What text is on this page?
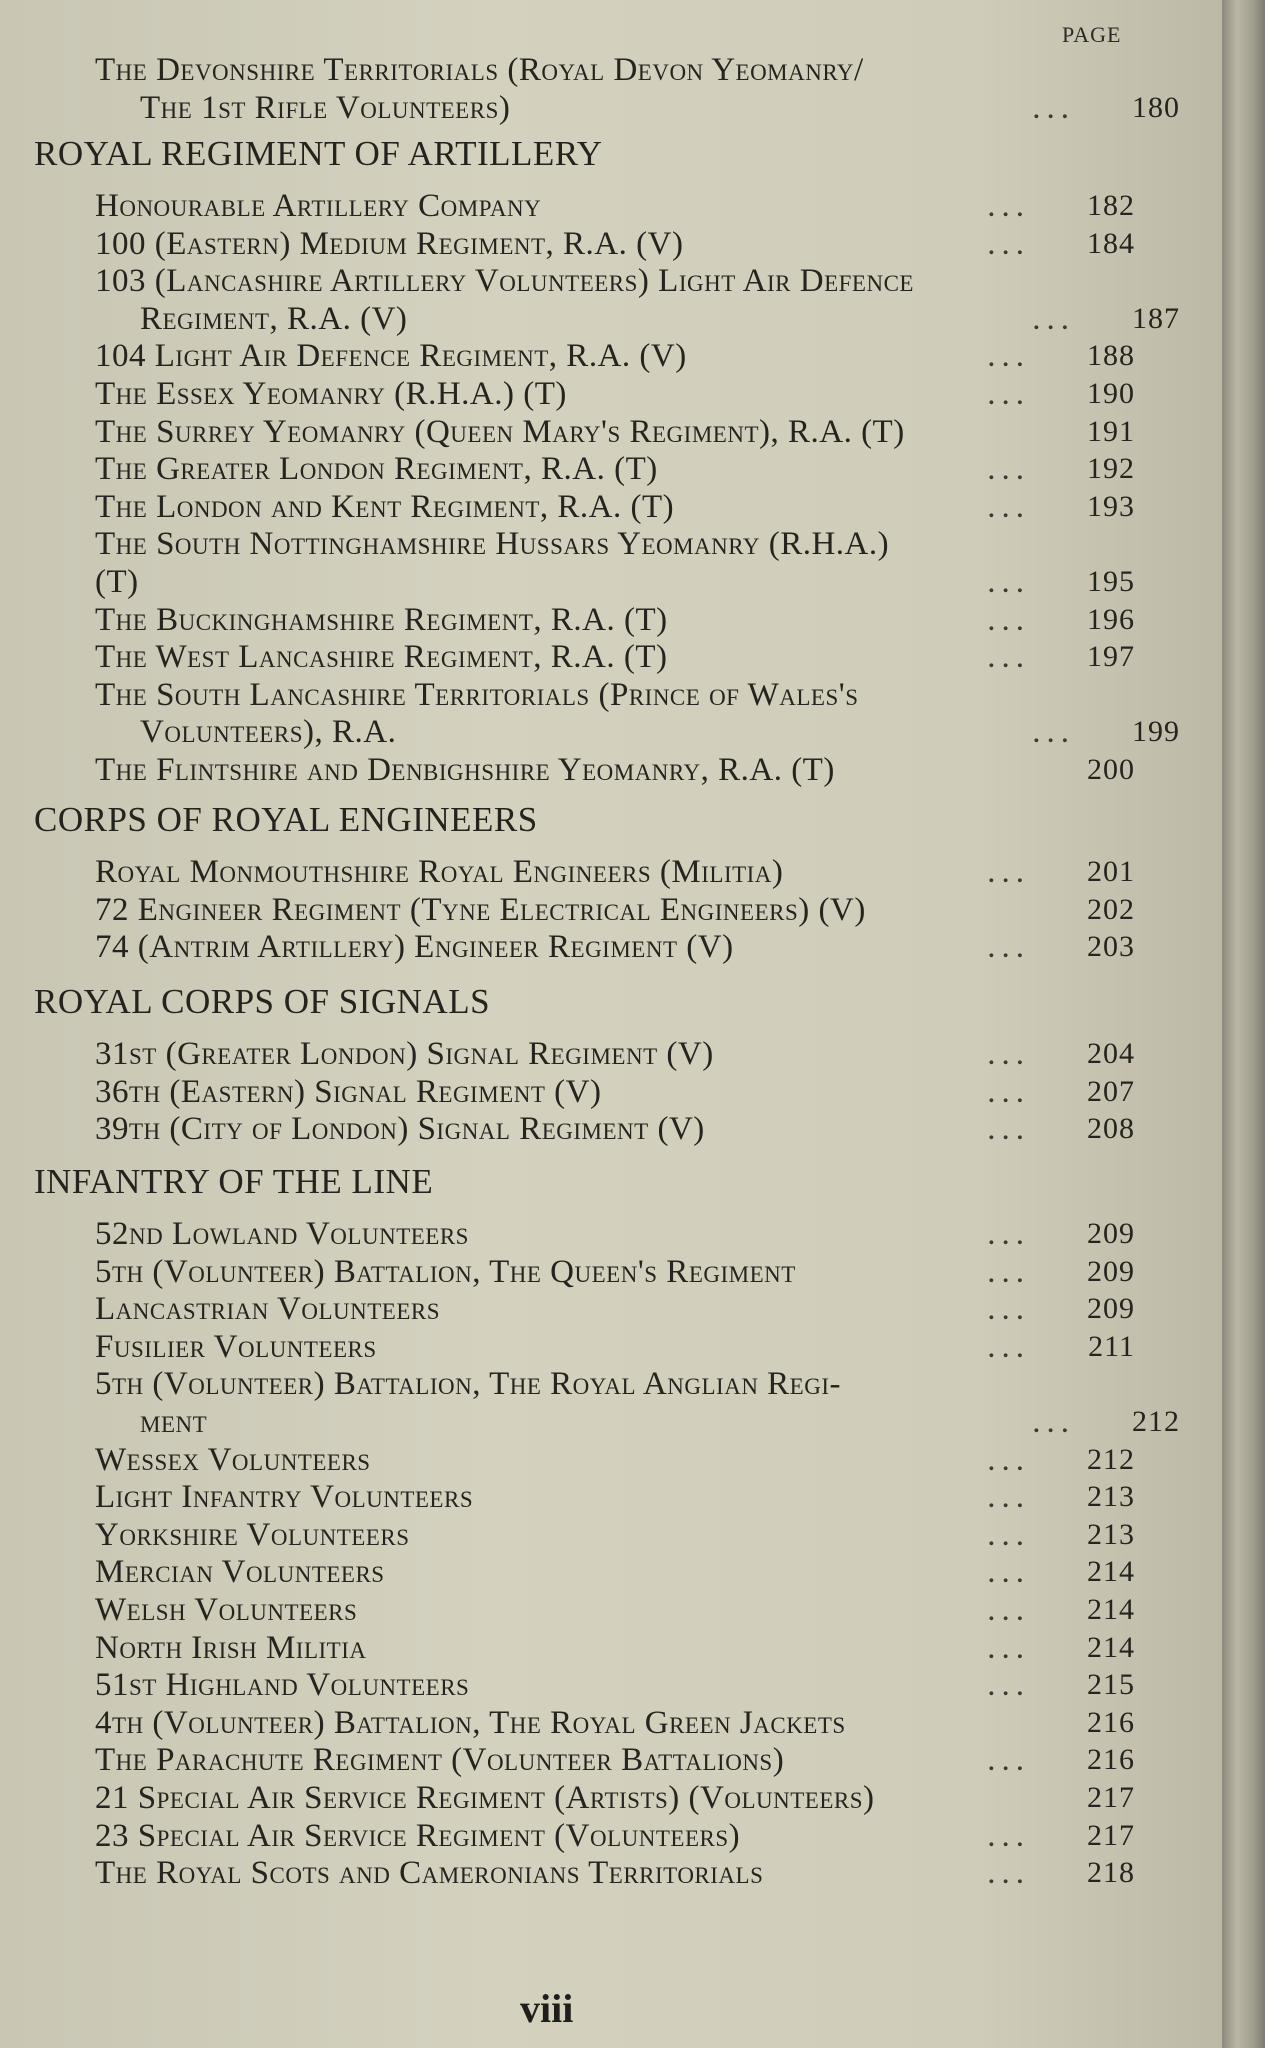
PAGE
The Devonshire Territorials (Royal Devon Yeomanry/
The 1st Rifle Volunteers)	...	180
ROYAL REGIMENT OF ARTILLERY
Honourable Artillery Company	...	182
100 (Eastern) Medium Regiment, R.A. (V)	...	184
103 (Lancashire Artillery Volunteers) Light Air Defence
Regiment, R.A. (V)	...	187
104 Light Air Defence Regiment, R.A. (V)	...	188
The Essex Yeomanry (R.H.A.) (T)	...	190
The Surrey Yeomanry (Queen Mary's Regiment), R.A. (T)	191
The Greater London Regiment, R.A. (T)	...	192
The London and Kent Regiment, R.A. (T)	...	193
The South Nottinghamshire Hussars Yeomanry (R.H.A.)
(T)	...	195
The Buckinghamshire Regiment, R.A. (T)	...	196
The West Lancashire Regiment, R.A. (T)	...	197
The South Lancashire Territorials (Prince of Wales's
Volunteers), R.A.	...	199
The Flintshire and Denbighshire Yeomanry, R.A. (T)	200
CORPS OF ROYAL ENGINEERS
Royal Monmouthshire Royal Engineers (Militia)	...	201
72 Engineer Regiment (Tyne Electrical Engineers) (V)	202
74 (Antrim Artillery) Engineer Regiment (V)	...	203
ROYAL CORPS OF SIGNALS
31st (Greater London) Signal Regiment (V)	...	204
36th (Eastern) Signal Regiment (V)	...	207
39th (City of London) Signal Regiment (V)	...	208
INFANTRY OF THE LINE
52nd Lowland Volunteers	...	209
5th (Volunteer) Battalion, The Queen's Regiment	...	209
Lancastrian Volunteers	...	209
Fusilier Volunteers	...	211
5th (Volunteer) Battalion, The Royal Anglian Regi-
ment	...	212
Wessex Volunteers	...	212
Light Infantry Volunteers	...	213
Yorkshire Volunteers	...	213
Mercian Volunteers	...	214
Welsh Volunteers	...	214
North Irish Militia	...	214
51st Highland Volunteers	...	215
4th (Volunteer) Battalion, The Royal Green Jackets	216
The Parachute Regiment (Volunteer Battalions)	...	216
21 Special Air Service Regiment (Artists) (Volunteers)	217
23 Special Air Service Regiment (Volunteers)	...	217
The Royal Scots and Cameronians Territorials	...	218
viii
